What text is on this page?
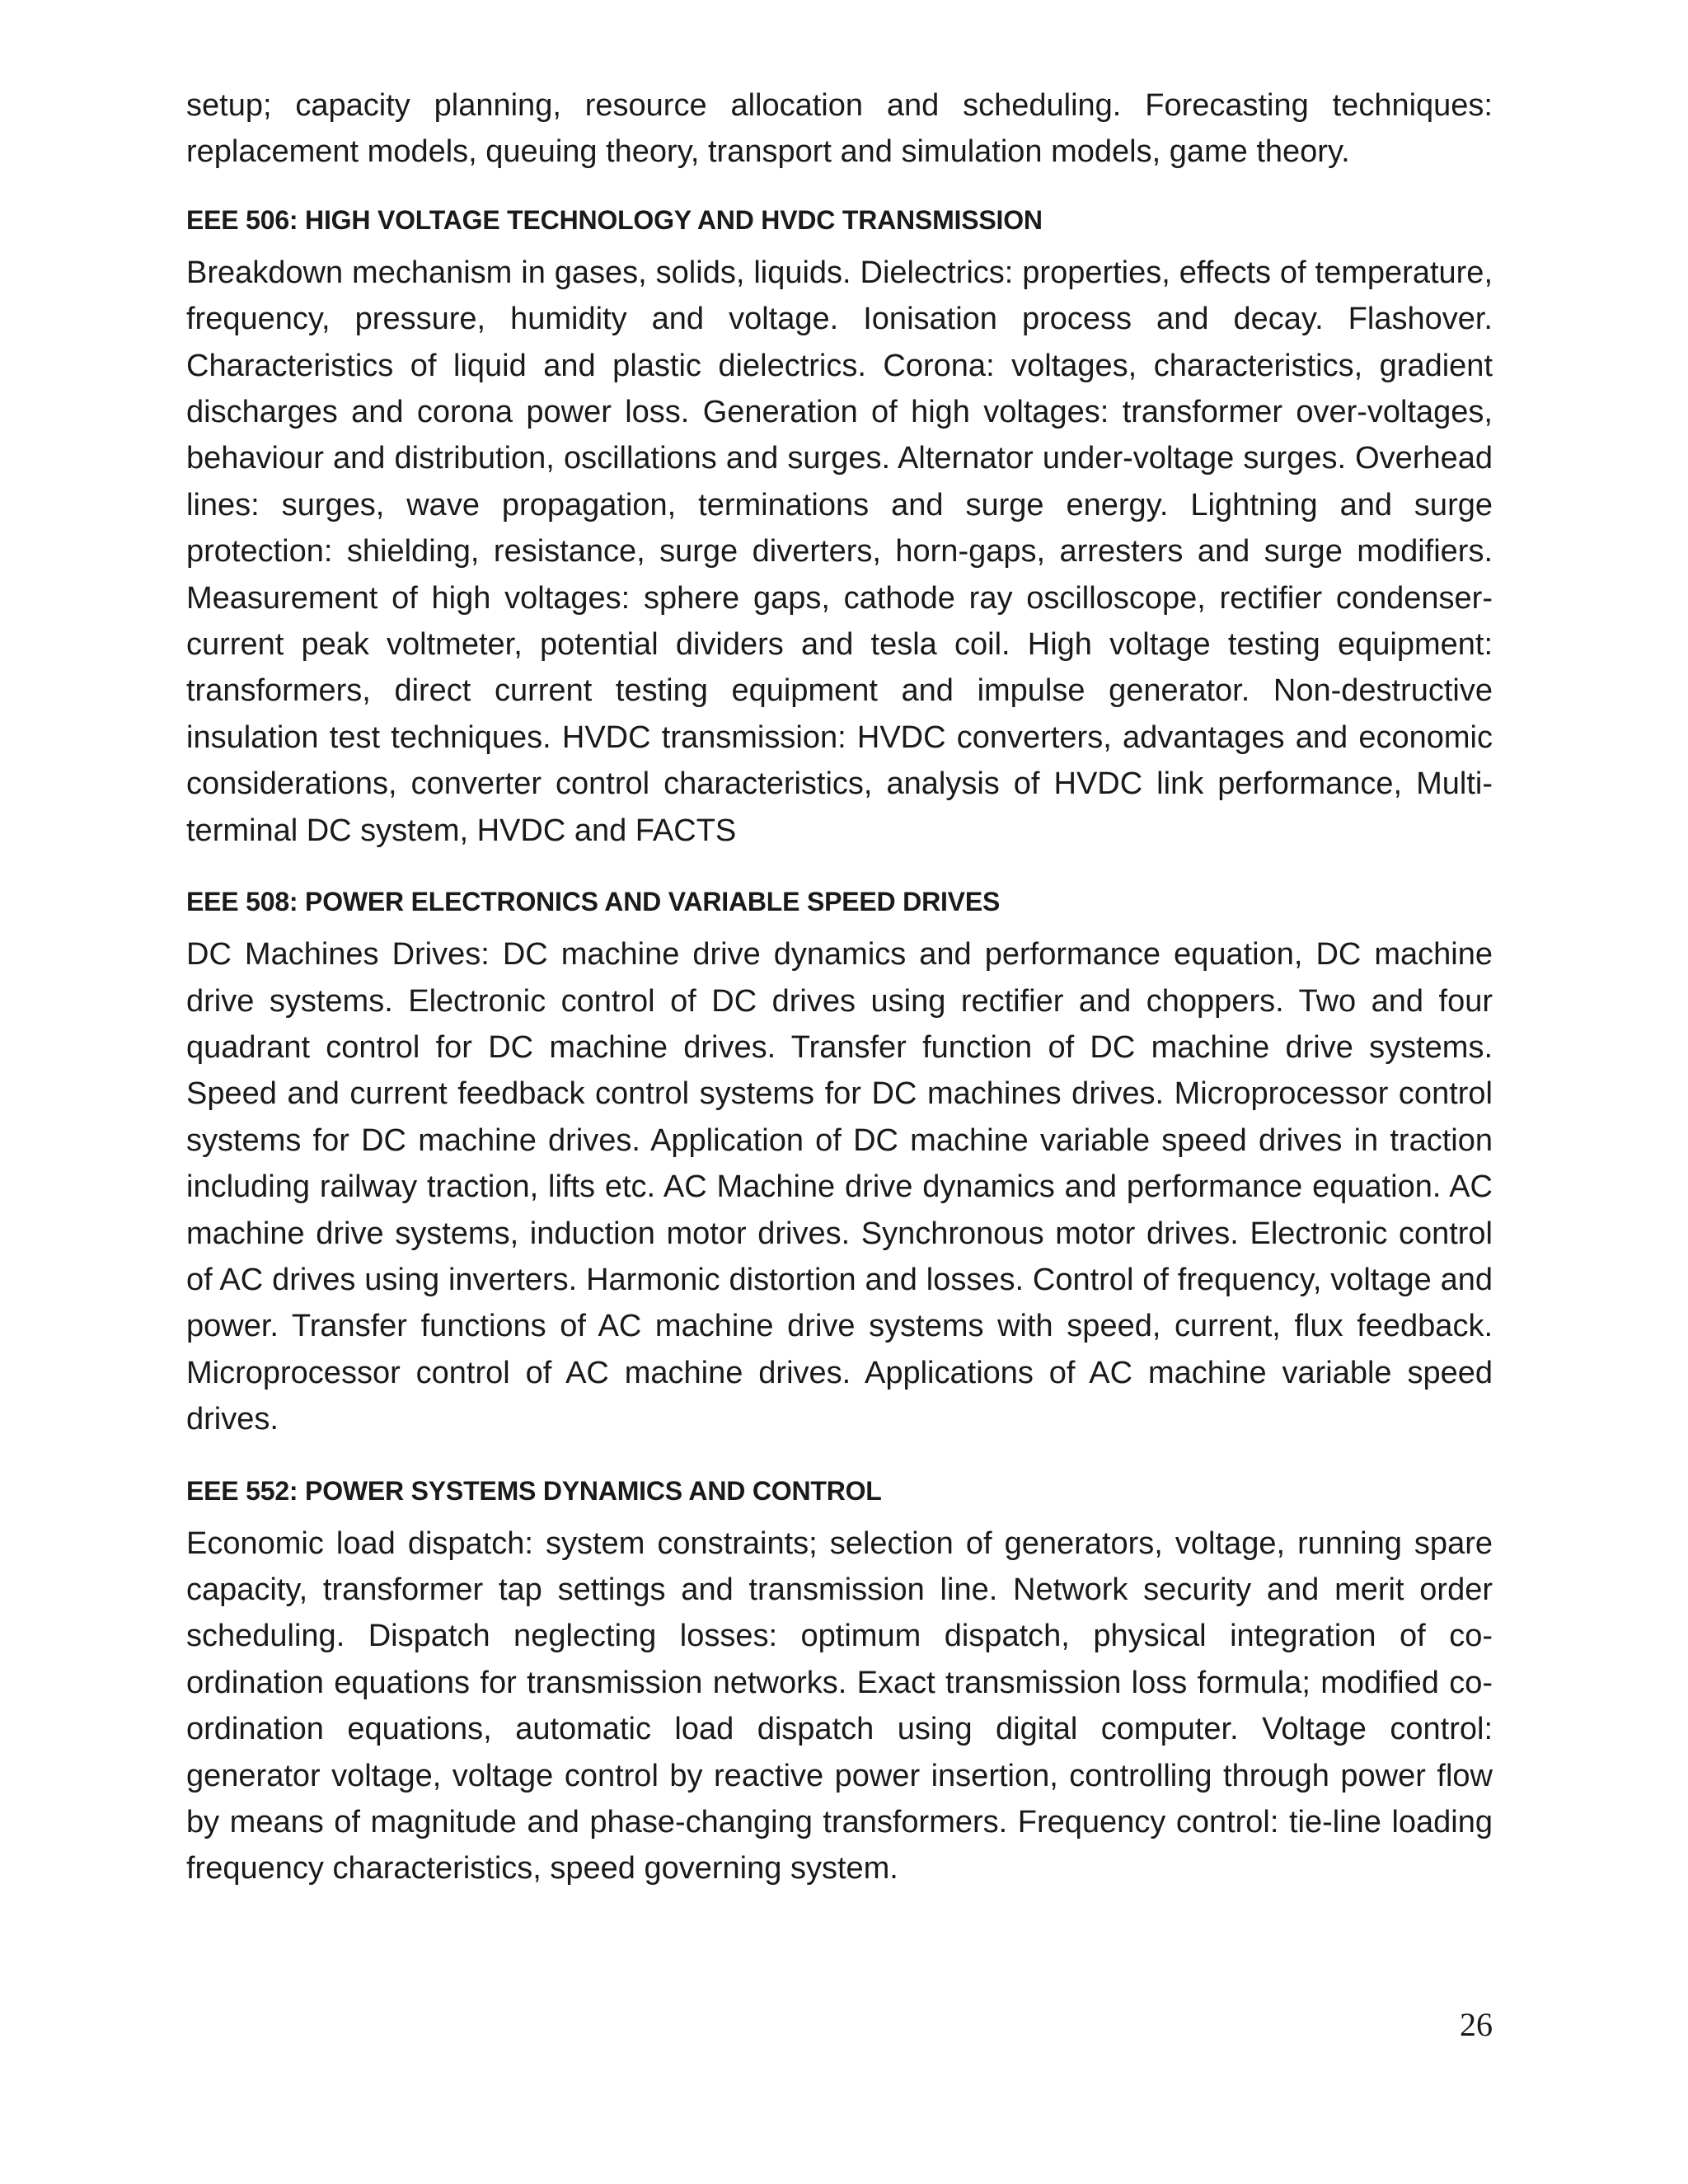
setup; capacity planning, resource allocation and scheduling. Forecasting techniques: replacement models, queuing theory, transport and simulation models, game theory.

EEE 506: HIGH VOLTAGE TECHNOLOGY AND HVDC TRANSMISSION

Breakdown mechanism in gases, solids, liquids. Dielectrics: properties, effects of temperature, frequency, pressure, humidity and voltage. Ionisation process and decay. Flashover. Characteristics of liquid and plastic dielectrics. Corona: voltages, characteristics, gradient discharges and corona power loss. Generation of high voltages: transformer over-voltages, behaviour and distribution, oscillations and surges. Alternator under-voltage surges. Overhead lines: surges, wave propagation, terminations and surge energy. Lightning and surge protection: shielding, resistance, surge diverters, horn-gaps, arresters and surge modifiers. Measurement of high voltages: sphere gaps, cathode ray oscilloscope, rectifier condenser-current peak voltmeter, potential dividers and tesla coil. High voltage testing equipment: transformers, direct current testing equipment and impulse generator. Non-destructive insulation test techniques. HVDC transmission: HVDC converters, advantages and economic considerations, converter control characteristics, analysis of HVDC link performance, Multi-terminal DC system, HVDC and FACTS

EEE 508: POWER ELECTRONICS AND VARIABLE SPEED DRIVES

DC Machines Drives: DC machine drive dynamics and performance equation, DC machine drive systems. Electronic control of DC drives using rectifier and choppers. Two and four quadrant control for DC machine drives. Transfer function of DC machine drive systems. Speed and current feedback control systems for DC machines drives. Microprocessor control systems for DC machine drives. Application of DC machine variable speed drives in traction including railway traction, lifts etc. AC Machine drive dynamics and performance equation. AC machine drive systems, induction motor drives. Synchronous motor drives. Electronic control of AC drives using inverters. Harmonic distortion and losses. Control of frequency, voltage and power. Transfer functions of AC machine drive systems with speed, current, flux feedback. Microprocessor control of AC machine drives. Applications of AC machine variable speed drives.

EEE 552: POWER SYSTEMS DYNAMICS AND CONTROL

Economic load dispatch: system constraints; selection of generators, voltage, running spare capacity, transformer tap settings and transmission line. Network security and merit order scheduling. Dispatch neglecting losses: optimum dispatch, physical integration of co-ordination equations for transmission networks. Exact transmission loss formula; modified co-ordination equations, automatic load dispatch using digital computer. Voltage control: generator voltage, voltage control by reactive power insertion, controlling through power flow by means of magnitude and phase-changing transformers. Frequency control: tie-line loading frequency characteristics, speed governing system.

26
